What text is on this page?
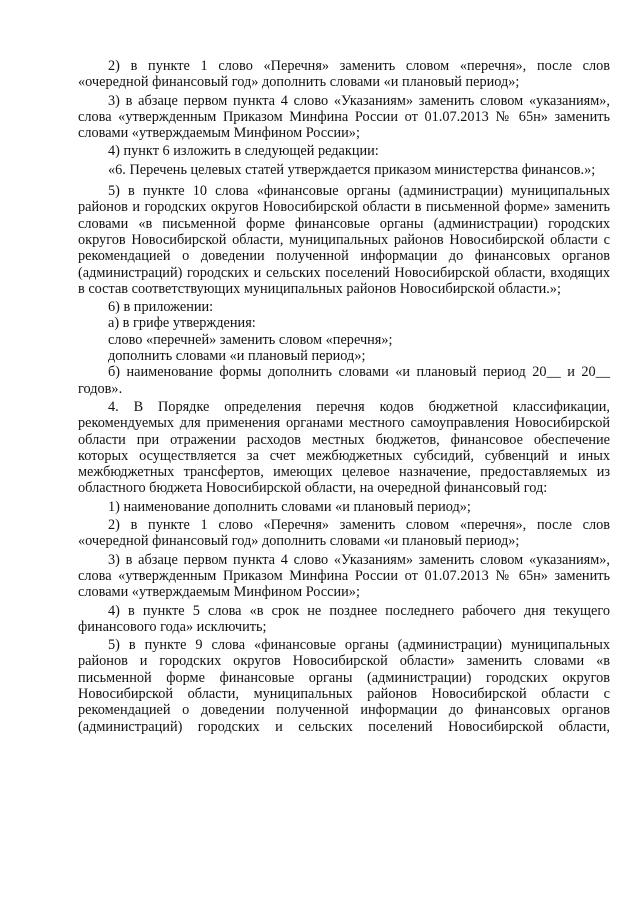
2) в пункте 1 слово «Перечня» заменить словом «перечня», после слов «очередной финансовый год» дополнить словами «и плановый период»;

3) в абзаце первом пункта 4 слово «Указаниям» заменить словом «указаниям», слова «утвержденным Приказом Минфина России от 01.07.2013 № 65н» заменить словами «утверждаемым Минфином России»;

4) пункт 6 изложить в следующей редакции:

«6. Перечень целевых статей утверждается приказом министерства финансов.»;

5) в пункте 10 слова «финансовые органы (администрации) муниципальных районов и городских округов Новосибирской области в письменной форме» заменить словами «в письменной форме финансовые органы (администрации) городских округов Новосибирской области, муниципальных районов Новосибирской области с рекомендацией о доведении полученной информации до финансовых органов (администраций) городских и сельских поселений Новосибирской области, входящих в состав соответствующих муниципальных районов Новосибирской области.»;

6) в приложении:

а) в грифе утверждения:

слово «перечней» заменить словом «перечня»;

дополнить словами «и плановый период»;

б) наименование формы дополнить словами «и плановый период 20__ и 20__ годов».

4. В Порядке определения перечня кодов бюджетной классификации, рекомендуемых для применения органами местного самоуправления Новосибирской области при отражении расходов местных бюджетов, финансовое обеспечение которых осуществляется за счет межбюджетных субсидий, субвенций и иных межбюджетных трансфертов, имеющих целевое назначение, предоставляемых из областного бюджета Новосибирской области, на очередной финансовый год:

1) наименование дополнить словами «и плановый период»;

2) в пункте 1 слово «Перечня» заменить словом «перечня», после слов «очередной финансовый год» дополнить словами «и плановый период»;

3) в абзаце первом пункта 4 слово «Указаниям» заменить словом «указаниям», слова «утвержденным Приказом Минфина России от 01.07.2013 № 65н» заменить словами «утверждаемым Минфином России»;

4) в пункте 5 слова «в срок не позднее последнего рабочего дня текущего финансового года» исключить;

5) в пункте 9 слова «финансовые органы (администрации) муниципальных районов и городских округов Новосибирской области» заменить словами «в письменной форме финансовые органы (администрации) городских округов Новосибирской области, муниципальных районов Новосибирской области с рекомендацией о доведении полученной информации до финансовых органов (администраций) городских и сельских поселений Новосибирской области,
